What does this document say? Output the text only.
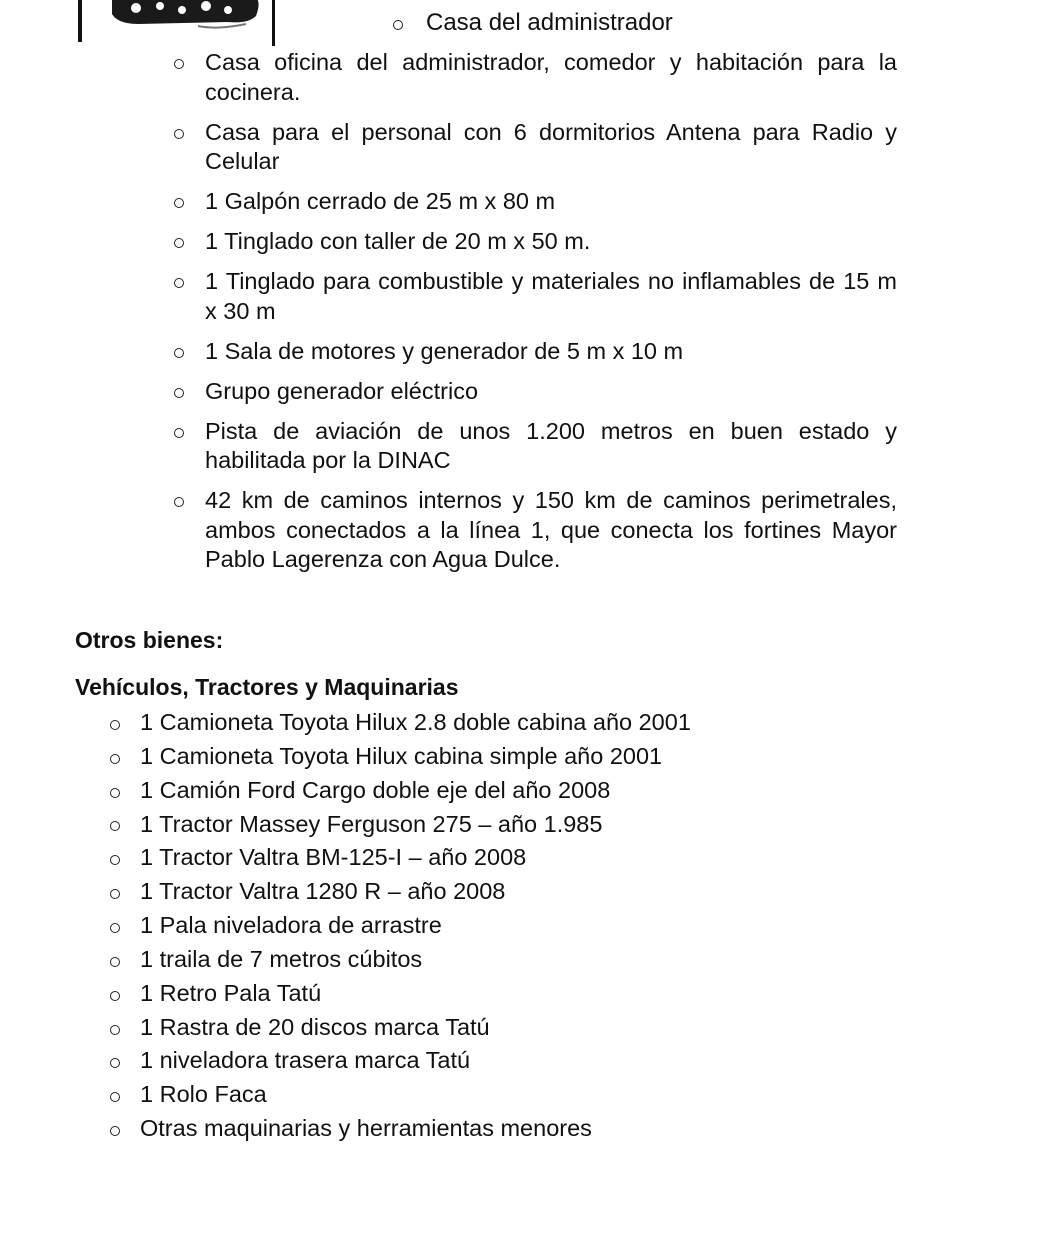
Casa del administrador
Casa oficina del administrador, comedor y habitación para la cocinera.
Casa para el personal con 6 dormitorios Antena para Radio y Celular
1 Galpón cerrado de 25 m x 80 m
1 Tinglado con taller de 20 m x 50 m.
1 Tinglado para combustible y materiales no inflamables de 15 m x 30 m
1 Sala de motores y generador de 5 m x 10 m
Grupo generador eléctrico
Pista de aviación de unos 1.200 metros en buen estado y habilitada por la DINAC
42 km de caminos internos y 150 km de caminos perimetrales, ambos conectados a la línea 1, que conecta los fortines Mayor Pablo Lagerenza con Agua Dulce.
Otros bienes:
Vehículos, Tractores y Maquinarias
1 Camioneta Toyota Hilux 2.8 doble cabina año 2001
1 Camioneta Toyota Hilux cabina simple año 2001
1 Camión Ford Cargo doble eje del año 2008
1 Tractor Massey Ferguson 275 – año 1.985
1 Tractor Valtra BM-125-I – año 2008
1 Tractor Valtra 1280 R – año 2008
1 Pala niveladora de arrastre
1 traila de 7 metros cúbitos
1 Retro Pala Tatú
1 Rastra de 20 discos marca Tatú
1 niveladora trasera marca Tatú
1 Rolo Faca
Otras maquinarias y herramientas menores
